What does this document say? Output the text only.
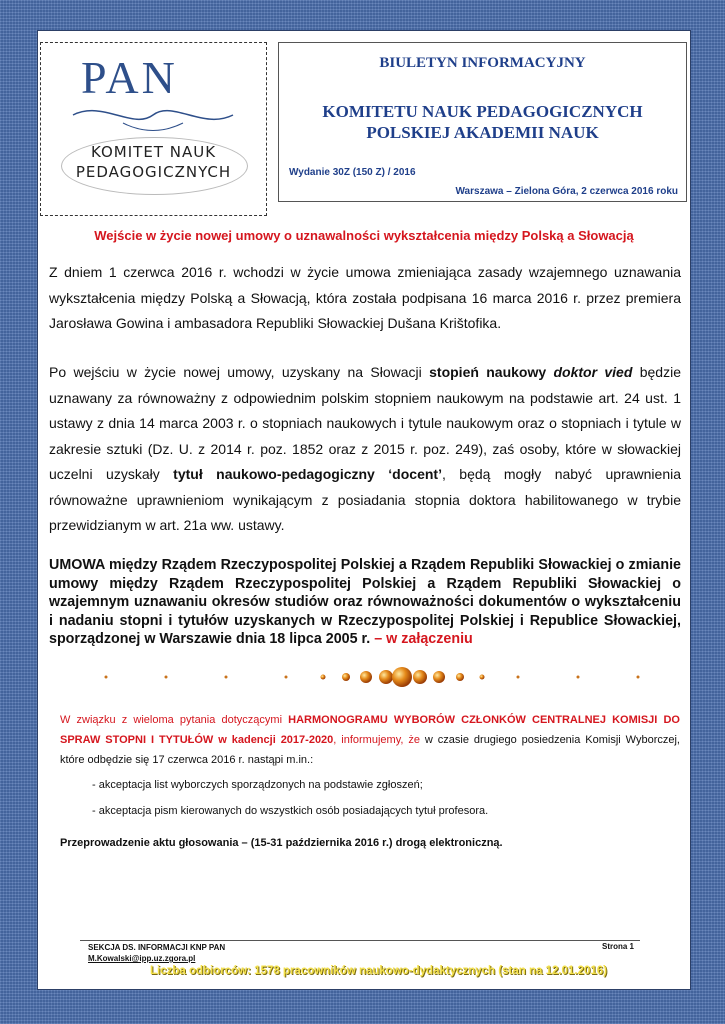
PAN
KOMITET NAUK
PEDAGOGICZNYCH
BIULETYN INFORMACYJNY
KOMITETU NAUK PEDAGOGICZNYCH
POLSKIEJ AKADEMII NAUK
Wydanie 30Z (150 Z) / 2016
Warszawa – Zielona Góra, 2 czerwca 2016 roku
Wejście w życie nowej umowy o uznawalności wykształcenia między Polską a Słowacją
Z dniem 1 czerwca 2016 r. wchodzi w życie umowa zmieniająca zasady wzajemnego uznawania wykształcenia między Polską a Słowacją, która została podpisana 16 marca 2016 r. przez premiera Jarosława Gowina i ambasadora Republiki Słowackiej Dušana Krištofika.
Po wejściu w życie nowej umowy, uzyskany na Słowacji stopień naukowy doktor vied będzie uznawany za równoważny z odpowiednim polskim stopniem naukowym na podstawie art. 24 ust. 1 ustawy z dnia 14 marca 2003 r. o stopniach naukowych i tytule naukowym oraz o stopniach i tytule w zakresie sztuki (Dz. U. z 2014 r. poz. 1852 oraz z 2015 r. poz. 249), zaś osoby, które w słowackiej uczelni uzyskały tytuł naukowo-pedagogiczny ‘docent’, będą mogły nabyć uprawnienia równoważne uprawnieniom wynikającym z posiadania stopnia doktora habilitowanego w trybie przewidzianym w art. 21a ww. ustawy.
UMOWA między Rządem Rzeczypospolitej Polskiej a Rządem Republiki Słowackiej o zmianie umowy między Rządem Rzeczypospolitej Polskiej a Rządem Republiki Słowackiej o wzajemnym uznawaniu okresów studiów oraz równoważności dokumentów o wykształceniu i nadaniu stopni i tytułów uzyskanych w Rzeczypospolitej Polskiej i Republice Słowackiej, sporządzonej w Warszawie dnia 18 lipca 2005 r. – w załączeniu
W związku z wieloma pytania dotyczącymi HARMONOGRAMU WYBORÓW CZŁONKÓW CENTRALNEJ KOMISJI DO SPRAW STOPNI I TYTUŁÓW w kadencji 2017-2020, informujemy, że w czasie drugiego posiedzenia Komisji Wyborczej, które odbędzie się 17 czerwca 2016 r. nastąpi m.in.:
- akceptacja list wyborczych sporządzonych na podstawie zgłoszeń;
- akceptacja pism kierowanych do wszystkich osób posiadających tytuł profesora.
Przeprowadzenie aktu głosowania – (15-31 października 2016 r.) drogą elektroniczną.
SEKCJA DS. INFORMACJI KNP PAN
M.Kowalski@ipp.uz.zgora.pl
Strona 1
Liczba odbiorców: 1578 pracowników naukowo-dydaktycznych (stan na 12.01.2016)
